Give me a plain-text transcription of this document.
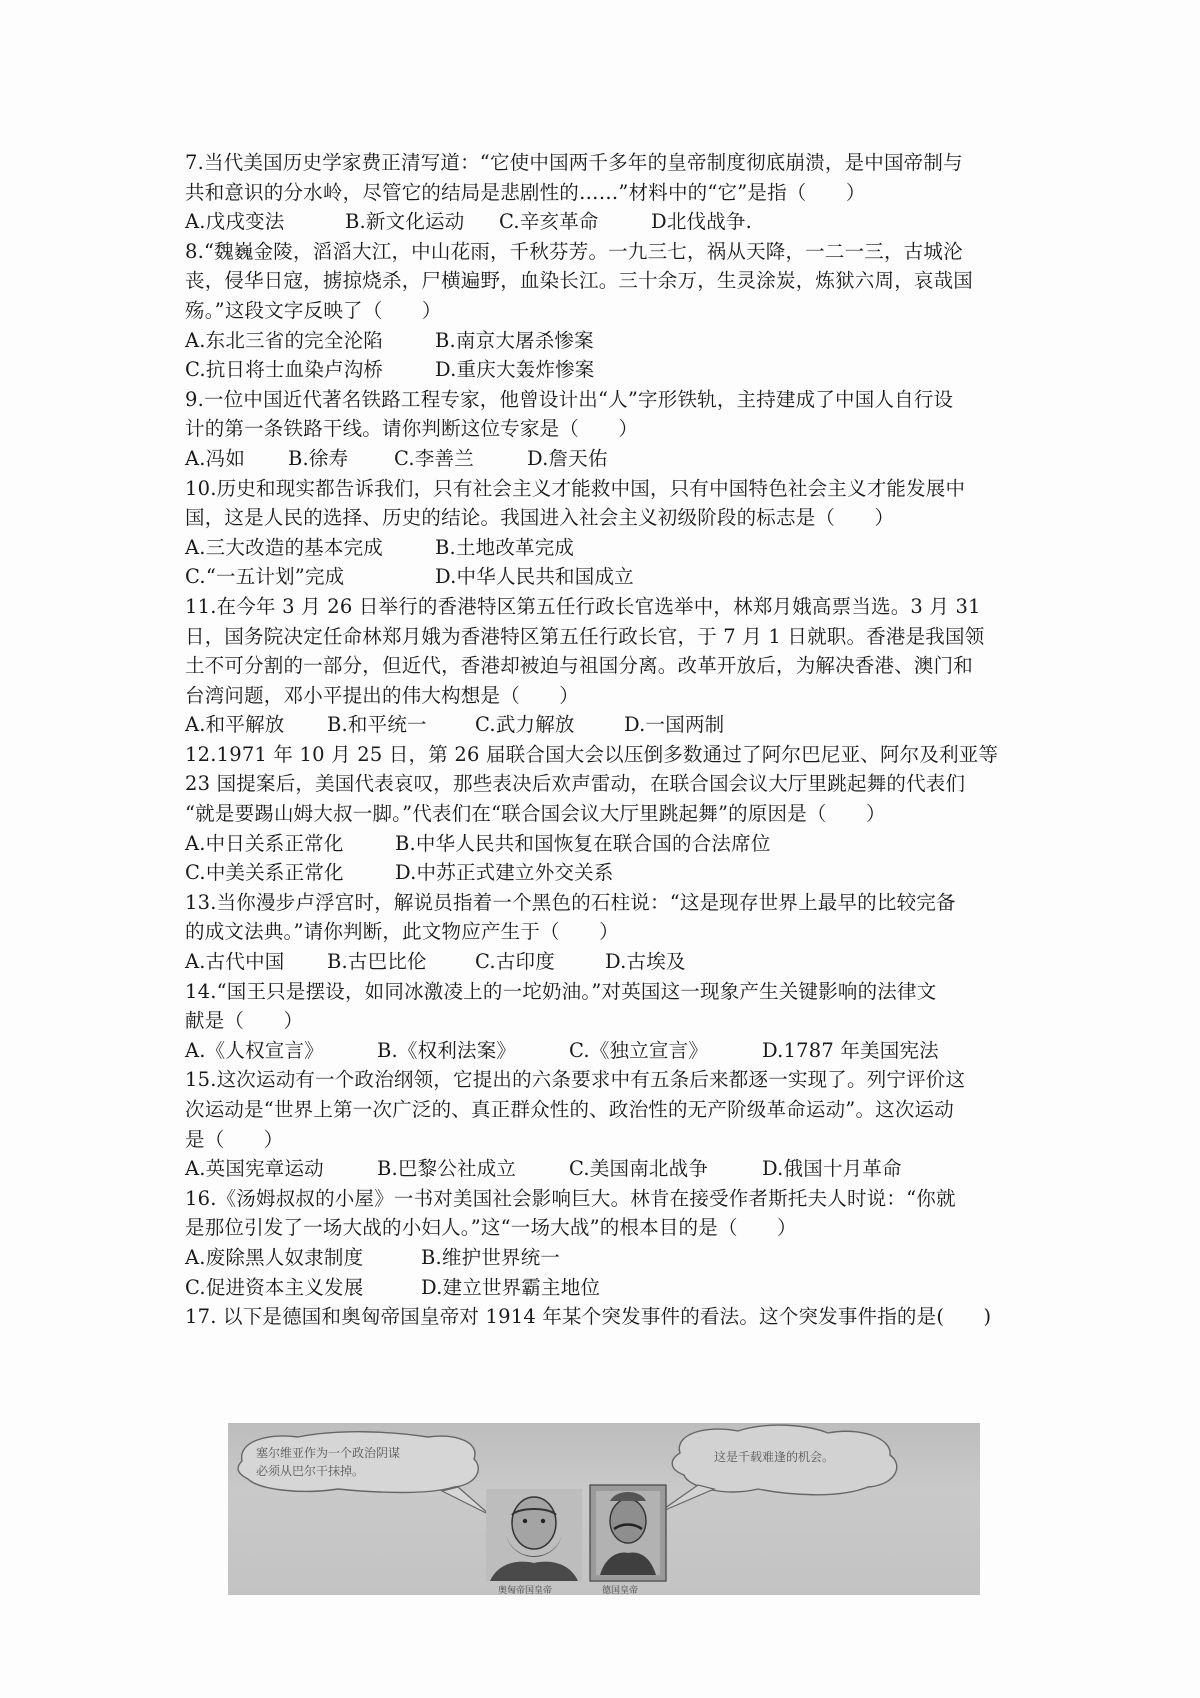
7.当代美国历史学家费正清写道：“它使中国两千多年的皇帝制度彻底崩溃，是中国帝制与
共和意识的分水岭，尽管它的结局是悲剧性的……”材料中的“它”是指（　　）
A.戊戌变法	B.新文化运动	C.辛亥革命	D北伐战争.
8.“魏巍金陵，滔滔大江，中山花雨，千秋芬芳。一九三七，祸从天降，一二一三，古城沦
丧，侵华日寇，掳掠烧杀，尸横遍野，血染长江。三十余万，生灵涂炭，炼狱六周，哀哉国
殇。”这段文字反映了（　　）
A.东北三省的完全沦陷	B.南京大屠杀惨案
C.抗日将士血染卢沟桥	D.重庆大轰炸惨案
9.一位中国近代著名铁路工程专家，他曾设计出“人”字形铁轨，主持建成了中国人自行设
计的第一条铁路干线。请你判断这位专家是（　　）
A.冯如	B.徐寿	C.李善兰	D.詹天佑
10.历史和现实都告诉我们，只有社会主义才能救中国，只有中国特色社会主义才能发展中
国，这是人民的选择、历史的结论。我国进入社会主义初级阶段的标志是（　　）
A.三大改造的基本完成	B.土地改革完成
C.“一五计划”完成	D.中华人民共和国成立
11.在今年 3 月 26 日举行的香港特区第五任行政长官选举中，林郑月娥高票当选。3 月 31
日，国务院决定任命林郑月娥为香港特区第五任行政长官，于 7 月 1 日就职。香港是我国领
土不可分割的一部分，但近代，香港却被迫与祖国分离。改革开放后，为解决香港、澳门和
台湾问题，邓小平提出的伟大构想是（　　）
A.和平解放	B.和平统一	C.武力解放	D.一国两制
12.1971 年 10 月 25 日，第 26 届联合国大会以压倒多数通过了阿尔巴尼亚、阿尔及利亚等
23 国提案后，美国代表哀叹，那些表决后欢声雷动，在联合国会议大厅里跳起舞的代表们
“就是要踢山姆大叔一脚。”代表们在“联合国会议大厅里跳起舞”的原因是（　　）
A.中日关系正常化	B.中华人民共和国恢复在联合国的合法席位
C.中美关系正常化	D.中苏正式建立外交关系
13.当你漫步卢浮宫时，解说员指着一个黑色的石柱说：“这是现存世界上最早的比较完备
的成文法典。”请你判断，此文物应产生于（　　）
A.古代中国	B.古巴比伦	C.古印度	D.古埃及
14.“国王只是摆设，如同冰激凌上的一坨奶油。”对英国这一现象产生关键影响的法律文
献是（　　）
A.《人权宣言》	B.《权利法案》	C.《独立宣言》	D.1787 年美国宪法
15.这次运动有一个政治纲领，它提出的六条要求中有五条后来都逐一实现了。列宁评价这
次运动是“世界上第一次广泛的、真正群众性的、政治性的无产阶级革命运动”。这次运动
是（　　）
A.英国宪章运动	B.巴黎公社成立	C.美国南北战争	D.俄国十月革命
16.《汤姆叔叔的小屋》一书对美国社会影响巨大。林肯在接受作者斯托夫人时说：“你就
是那位引发了一场大战的小妇人。”这“一场大战”的根本目的是（　　）
A.废除黑人奴隶制度	B.维护世界统一
C.促进资本主义发展	D.建立世界霸主地位
17. 以下是德国和奥匈帝国皇帝对 1914 年某个突发事件的看法。这个突发事件指的是(　　)
塞尔维亚作为一个政治阴谋
必须从巴尔干抹掉。
这是千载难逢的机会。
奥匈帝国皇帝	德国皇帝
